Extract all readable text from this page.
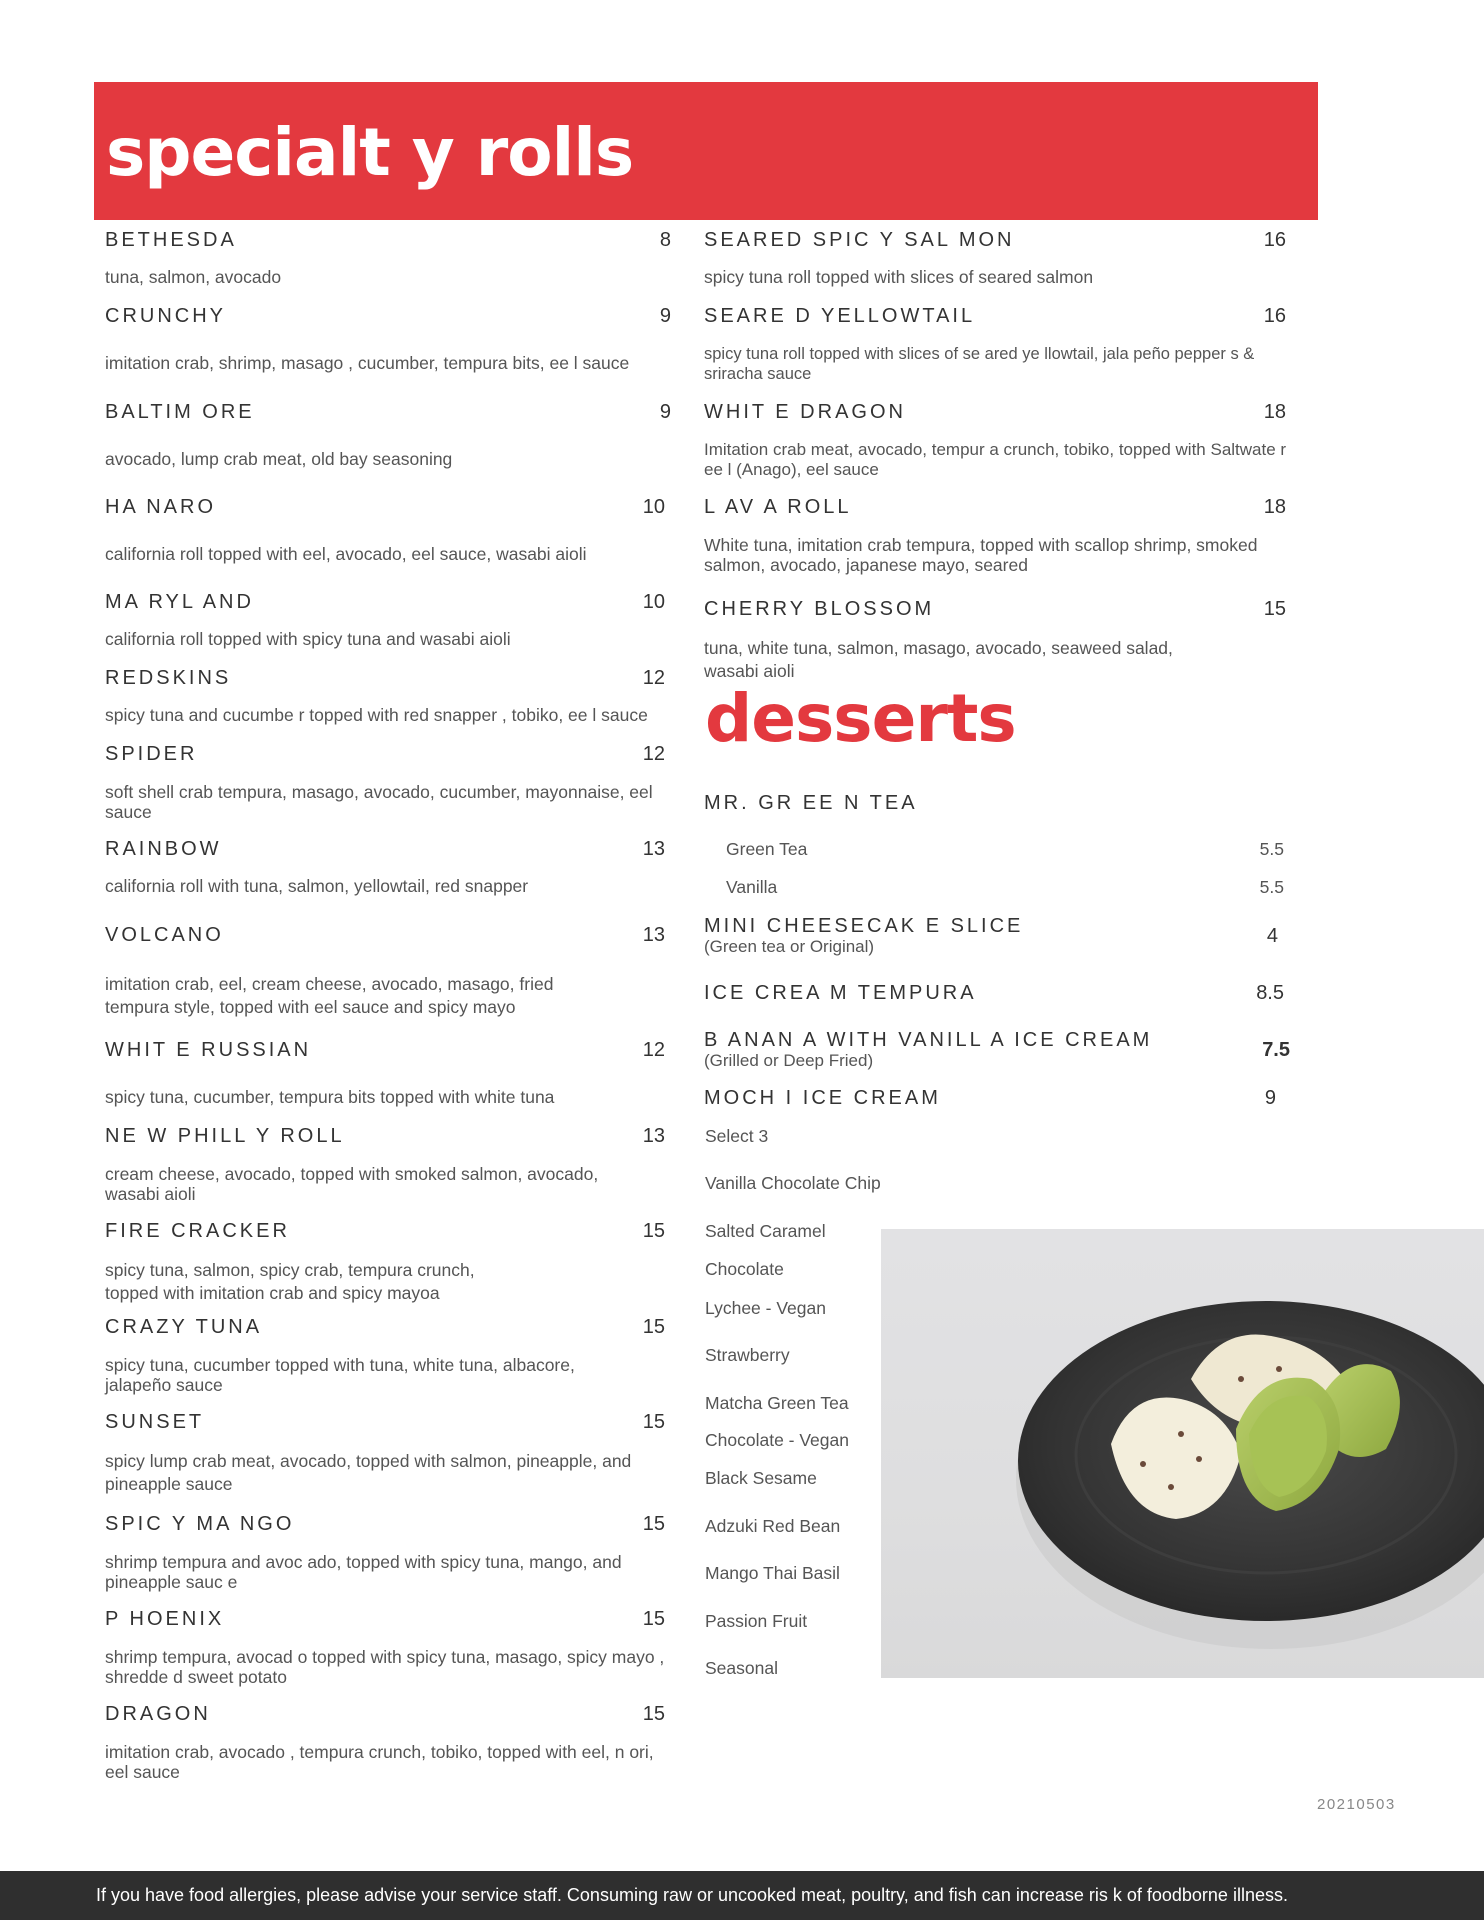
specialt y rolls
BETHESDA	8
tuna, salmon, avocado
CRUNCHY	9
imitation crab, shrimp, masago , cucumber, tempura bits, ee l sauce
BALTIM ORE	9
avocado, lump crab meat, old bay seasoning
HA NARO	10
california roll topped with eel, avocado, eel sauce, wasabi aioli
MA RYL AND	10
california roll topped with spicy tuna and wasabi aioli
REDSKINS	12
spicy tuna and cucumbe r topped with red snapper , tobiko, ee l sauce
SPIDER	12
soft shell crab tempura, masago, avocado, cucumber, mayonnaise, eel sauce
RAINBOW	13
california roll with tuna, salmon, yellowtail, red snapper
VOLCANO	13
imitation crab, eel, cream cheese, avocado, masago, fried tempura style, topped with eel sauce and spicy mayo
WHIT E RUSSIAN	12
spicy tuna, cucumber, tempura bits topped with white tuna
NE W PHILL Y ROLL	13
cream cheese, avocado, topped with smoked salmon, avocado, wasabi aioli
FIRE CRACKER	15
spicy tuna, salmon, spicy crab, tempura crunch, topped with imitation crab and spicy mayoa
CRAZY TUNA	15
spicy tuna, cucumber topped with tuna, white tuna, albacore, jalapeño sauce
SUNSET	15
spicy lump crab meat, avocado, topped with salmon, pineapple, and pineapple sauce
SPIC Y MA NGO	15
shrimp tempura and avoc ado, topped with spicy tuna, mango, and pineapple sauc e
P HOENIX	15
shrimp tempura, avocad o topped with spicy tuna, masago, spicy mayo , shredde d sweet potato
DRAGON	15
imitation crab, avocado , tempura crunch, tobiko, topped with eel, n ori, eel sauce
SEARED SPIC Y SAL MON	16
spicy tuna roll topped with slices of seared salmon
SEARE D YELLOWTAIL	16
spicy tuna roll topped with slices of se ared ye llowtail, jala peño pepper s & sriracha sauce
WHIT E DRAGON	18
Imitation crab meat, avocado, tempur a crunch, tobiko, topped with Saltwate r ee l (Anago), eel sauce
L AV A ROLL	18
White tuna, imitation crab tempura, topped with scallop shrimp, smoked salmon, avocado, japanese mayo, seared
CHERRY BLOSSOM	15
tuna, white tuna, salmon, masago, avocado, seaweed salad, wasabi aioli
MR. GR EE N TEA
Green Tea	5.5
Vanilla	5.5
MINI CHEESECAK E SLICE
(Green tea or Original)	4
ICE CREA M TEMPURA	8.5
B ANAN A WITH VANILL A ICE CREAM
(Grilled or Deep Fried)	7.5
MOCH I ICE CREAM	9
desserts
Select 3
Vanilla Chocolate Chip
Salted Caramel
Chocolate
Lychee - Vegan
Strawberry
Matcha Green Tea
Chocolate - Vegan
Black Sesame
Adzuki Red Bean
Mango Thai Basil
Passion Fruit
Seasonal
20210503
If you have food allergies, please advise your service staff. Consuming raw or uncooked meat, poultry, and fish can increase ris k of foodborne illness.
